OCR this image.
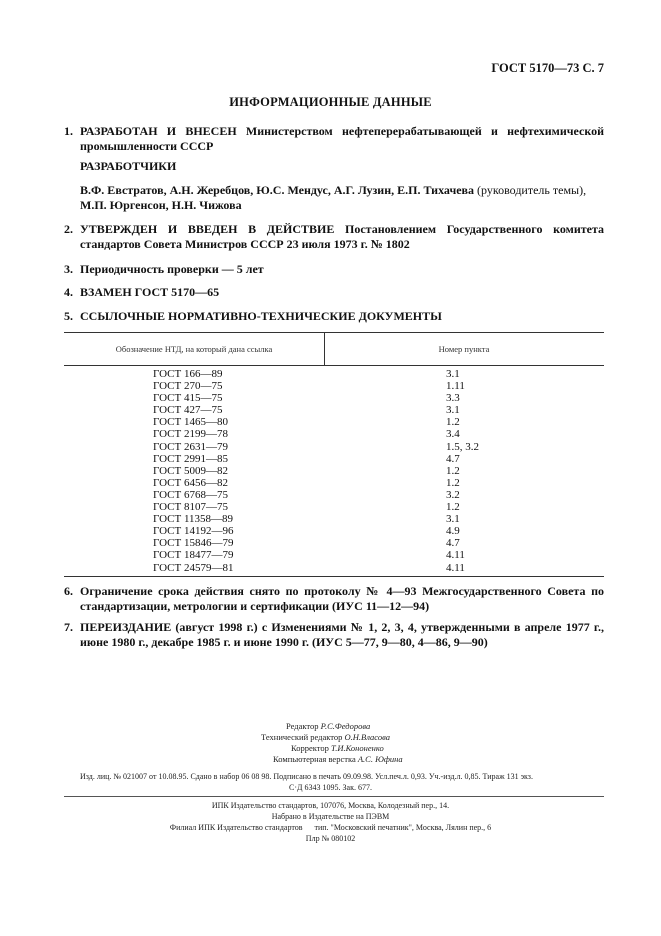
ГОСТ 5170—73 С. 7
ИНФОРМАЦИОННЫЕ ДАННЫЕ
1. РАЗРАБОТАН И ВНЕСЕН Министерством нефтеперерабатывающей и нефтехимической промышленности СССР
РАЗРАБОТЧИКИ
В.Ф. Евстратов, А.Н. Жеребцов, Ю.С. Мендус, А.Г. Лузин, Е.П. Тихачева (руководитель темы), М.П. Юргенсон, Н.Н. Чижова
2. УТВЕРЖДЕН И ВВЕДЕН В ДЕЙСТВИЕ Постановлением Государственного комитета стандартов Совета Министров СССР 23 июля 1973 г. № 1802
3. Периодичность проверки — 5 лет
4. ВЗАМЕН ГОСТ 5170—65
5. ССЫЛОЧНЫЕ НОРМАТИВНО-ТЕХНИЧЕСКИЕ ДОКУМЕНТЫ
Обозначение НТД, на который дана ссылка	Номер пункта
ГОСТ 166—89	3.1
ГОСТ 270—75	1.11
ГОСТ 415—75	3.3
ГОСТ 427—75	3.1
ГОСТ 1465—80	1.2
ГОСТ 2199—78	3.4
ГОСТ 2631—79	1.5, 3.2
ГОСТ 2991—85	4.7
ГОСТ 5009—82	1.2
ГОСТ 6456—82	1.2
ГОСТ 6768—75	3.2
ГОСТ 8107—75	1.2
ГОСТ 11358—89	3.1
ГОСТ 14192—96	4.9
ГОСТ 15846—79	4.7
ГОСТ 18477—79	4.11
ГОСТ 24579—81	4.11
6. Ограничение срока действия снято по протоколу № 4—93 Межгосударственного Совета по стандартизации, метрологии и сертификации (ИУС 11—12—94)
7. ПЕРЕИЗДАНИЕ (август 1998 г.) с Изменениями № 1, 2, 3, 4, утвержденными в апреле 1977 г., июне 1980 г., декабре 1985 г. и июне 1990 г. (ИУС 5—77, 9—80, 4—86, 9—90)
Редактор Р.С.Федорова
Технический редактор О.Н.Власова
Корректор Т.И.Кононенко
Компьютерная верстка А.С. Юфина
Изд. лиц. № 021007 от 10.08.95. Сдано в набор 06 08 98. Подписано в печать 09.09.98. Усл.печ.л. 0,93. Уч.-изд.л. 0,85. Тираж 131 экз.
С·Д 6343 1095. Зак. 677.
ИПК Издательство стандартов, 107076, Москва, Колодезный пер., 14.
Набрано в Издательстве на ПЭВМ
Филиал ИПК Издательство стандартов      тип. "Московский печатник", Москва, Лялин пер., 6
Плр № 080102
